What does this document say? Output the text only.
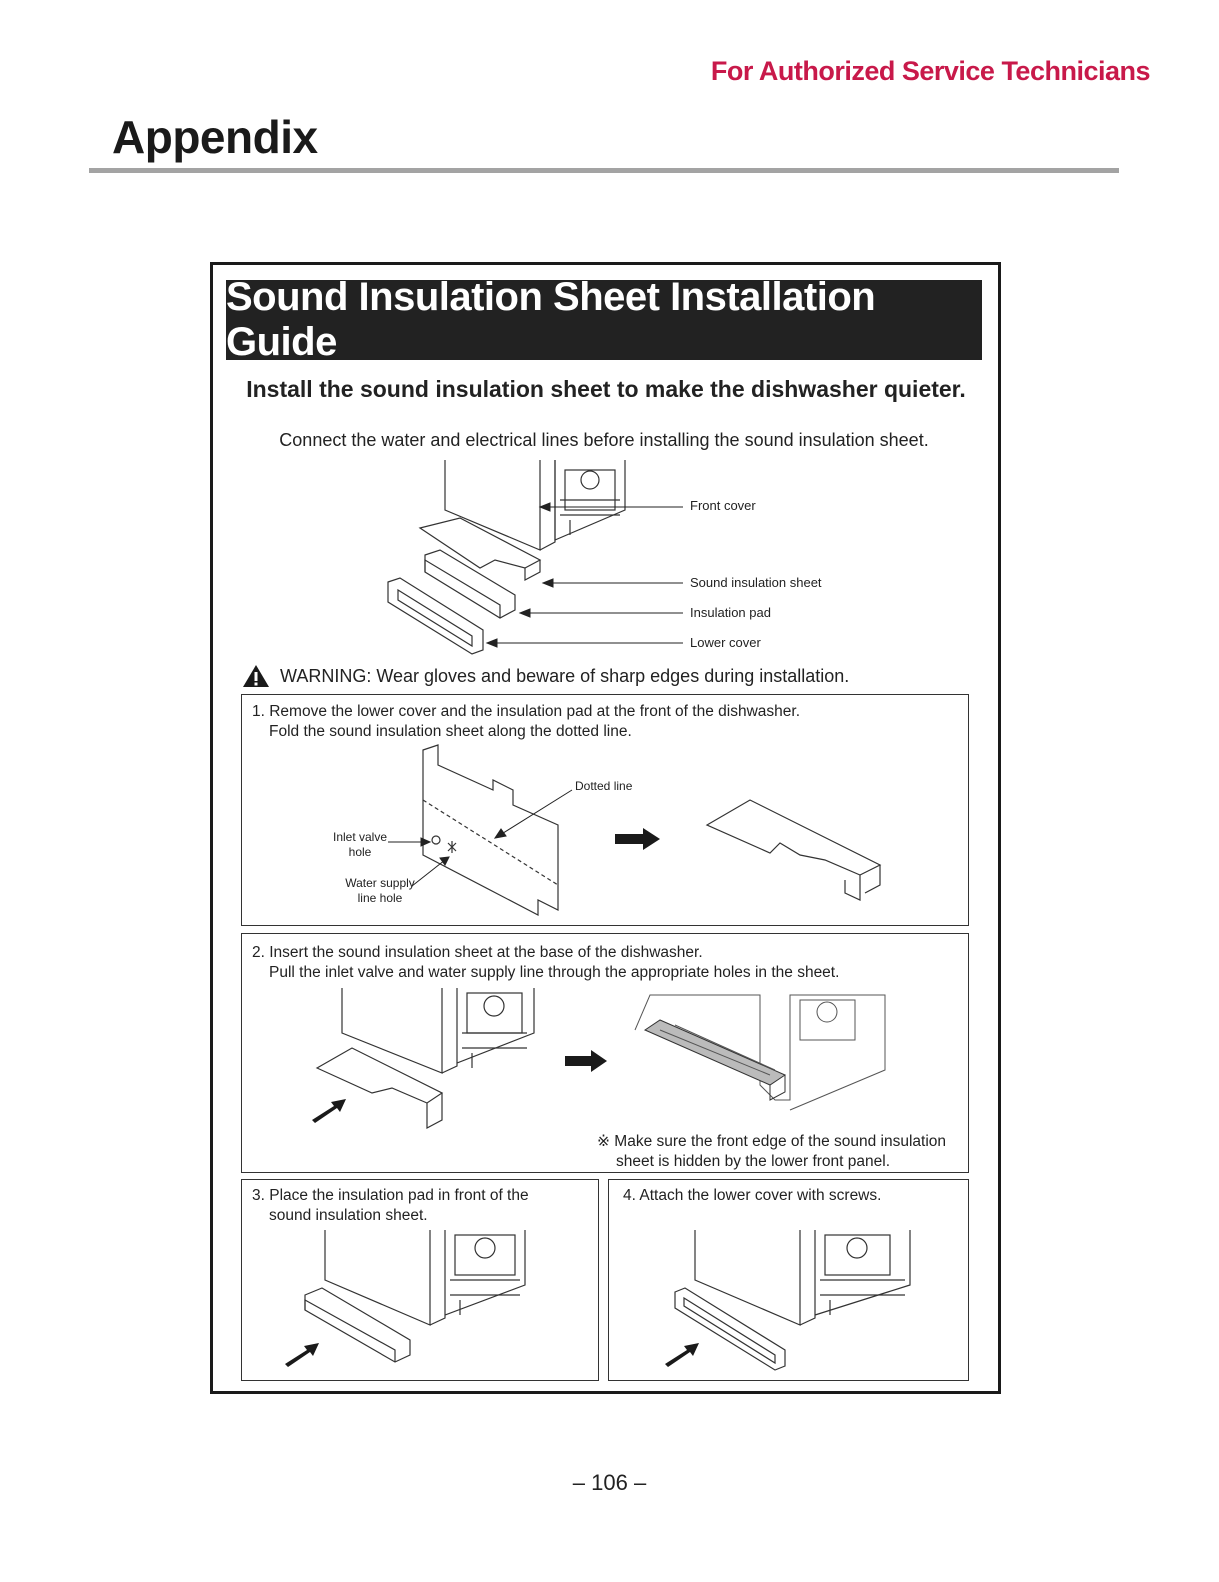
For Authorized Service Technicians
Appendix
Sound Insulation Sheet Installation Guide
Install the sound insulation sheet to make the dishwasher quieter.
Connect the water and electrical lines before installing the sound insulation sheet.
Front cover
Sound insulation sheet
Insulation pad
Lower cover
WARNING: Wear gloves and beware of sharp edges during installation.
1. Remove the lower cover and the insulation pad at the front of the dishwasher.
Fold the sound insulation sheet along the dotted line.
Dotted line
Inlet valve
hole
Water supply
line hole
2. Insert the sound insulation sheet at the base of the dishwasher.
Pull the inlet valve and water supply line through the appropriate holes in the sheet.
※ Make sure the front edge of the sound insulation
sheet is hidden by the lower front panel.
3. Place the insulation pad in front of the
sound insulation sheet.
4. Attach the lower cover with screws.
– 106 –
